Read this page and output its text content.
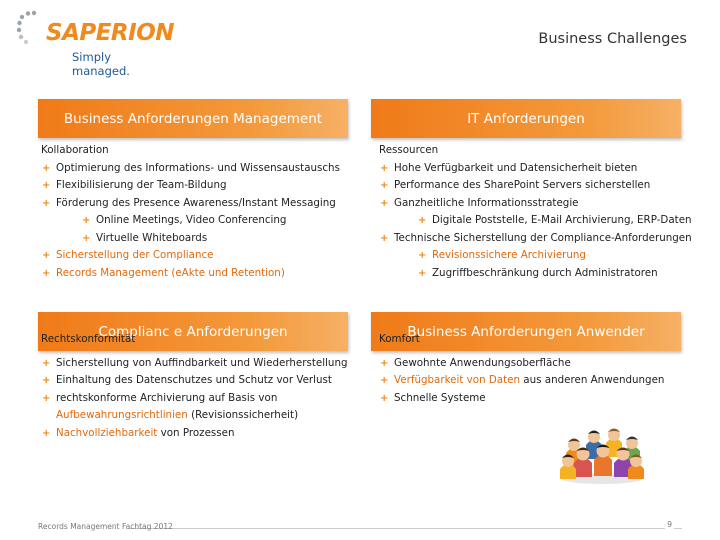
SAPERION
Simply managed.
Business Challenges
Business Anforderungen Management	IT Anforderungen
Complianc e Anforderungen	Business Anforderungen Anwender
Kollaboration
+ Optimierung des Informations- und Wissensaustauschs
+ Flexibilisierung der Team-Bildung
+ Förderung des Presence Awareness/Instant Messaging
+ Online Meetings, Video Conferencing
+ Virtuelle Whiteboards
+ Sicherstellung der Compliance
+ Records Management (eAkte und Retention)
Ressourcen
+ Hohe Verfügbarkeit und Datensicherheit bieten
+ Performance des SharePoint Servers sicherstellen
+ Ganzheitliche Informationsstrategie
+ Digitale Poststelle, E-Mail Archivierung, ERP-Daten
+ Technische Sicherstellung der Compliance-Anforderungen
+ Revisionssichere Archivierung
+ Zugriffbeschränkung durch Administratoren
Rechtskonformität
+ Sicherstellung von Auffindbarkeit und Wiederherstellung
+ Einhaltung des Datenschutzes und Schutz vor Verlust
+ rechtskonforme Archivierung auf Basis von
Aufbewahrungsrichtlinien (Revisionssicherheit)
+ Nachvollziehbarkeit von Prozessen
Komfort
+ Gewohnte Anwendungsoberfläche
+ Verfügbarkeit von Daten aus anderen Anwendungen
+ Schnelle Systeme
Records Management Fachtag 2012	9
